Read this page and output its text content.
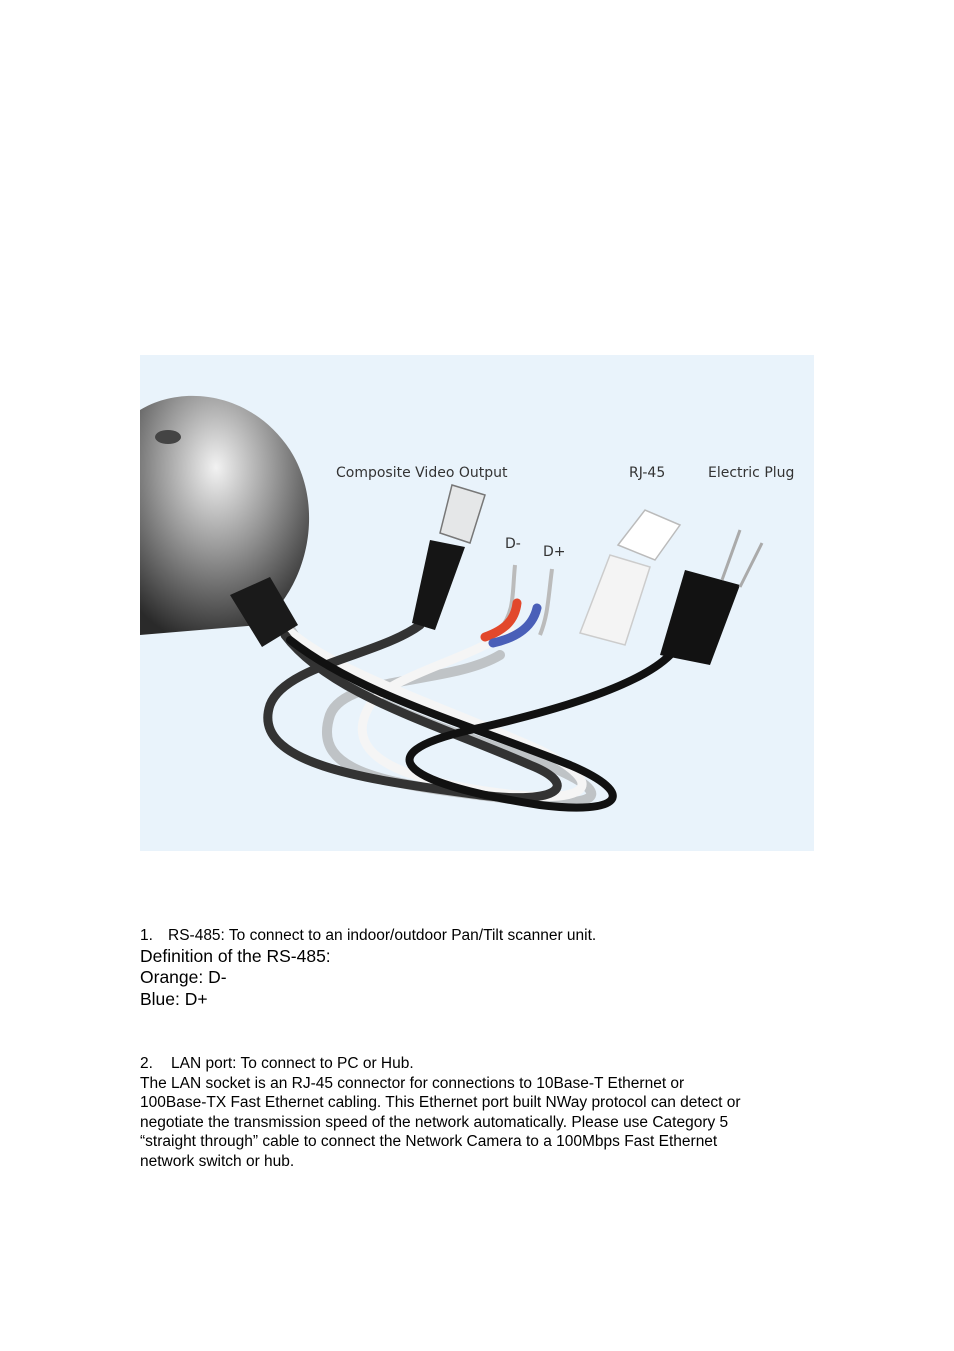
Composite Video Output	RJ-45	Electric Plug
D- D+
1. RS-485: To connect to an indoor/outdoor Pan/Tilt scanner unit.
Definition of the RS-485:
Orange: D-
Blue: D+
2. LAN port: To connect to PC or Hub.
The LAN socket is an RJ-45 connector for connections to 10Base-T Ethernet or
100Base-TX Fast Ethernet cabling. This Ethernet port built NWay protocol can detect or
negotiate the transmission speed of the network automatically. Please use Category 5
“straight through” cable to connect the Network Camera to a 100Mbps Fast Ethernet
network switch or hub.
